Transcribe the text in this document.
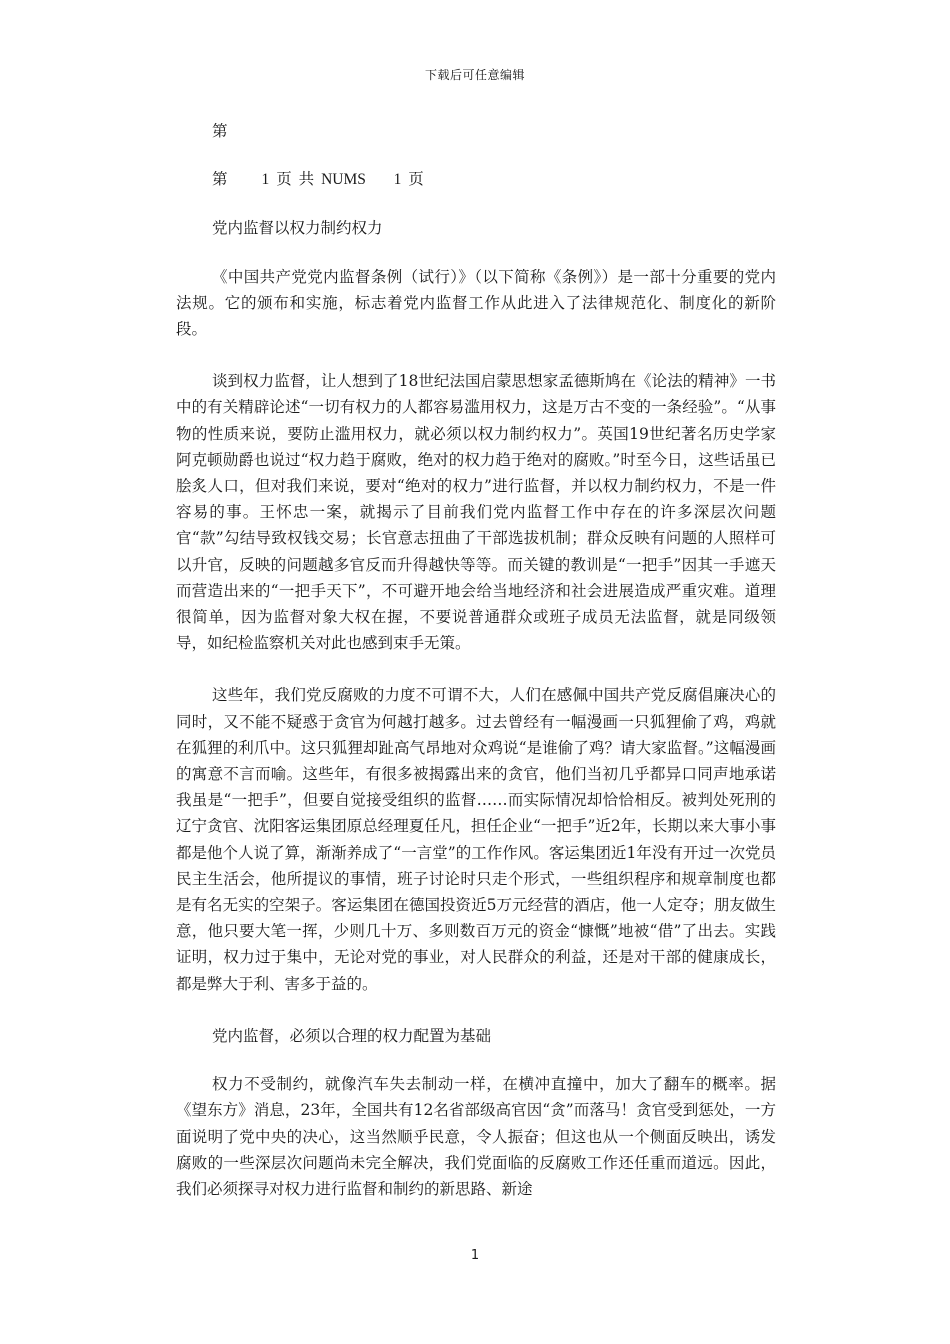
下载后可任意编辑

第

第 1 页 共 NUMS 1 页

党内监督以权力制约权力

《中国共产党党内监督条例（试行）》（以下简称《条例》）是一部十分重要的党内法规。它的颁布和实施，标志着党内监督工作从此进入了法律规范化、制度化的新阶段。

谈到权力监督，让人想到了18世纪法国启蒙思想家孟德斯鸠在《论法的精神》一书中的有关精辟论述“一切有权力的人都容易滥用权力，这是万古不变的一条经验”。“从事物的性质来说，要防止滥用权力，就必须以权力制约权力”。英国19世纪著名历史学家阿克顿勋爵也说过“权力趋于腐败，绝对的权力趋于绝对的腐败。”时至今日，这些话虽已脍炙人口，但对我们来说，要对“绝对的权力”进行监督，并以权力制约权力，不是一件容易的事。王怀忠一案，就揭示了目前我们党内监督工作中存在的许多深层次问题官“款”勾结导致权钱交易；长官意志扭曲了干部选拔机制；群众反映有问题的人照样可以升官，反映的问题越多官反而升得越快等等。而关键的教训是“一把手”因其一手遮天而营造出来的“一把手天下”，不可避开地会给当地经济和社会进展造成严重灾难。道理很简单，因为监督对象大权在握，不要说普通群众或班子成员无法监督，就是同级领导，如纪检监察机关对此也感到束手无策。

这些年，我们党反腐败的力度不可谓不大，人们在感佩中国共产党反腐倡廉决心的同时，又不能不疑惑于贪官为何越打越多。过去曾经有一幅漫画一只狐狸偷了鸡，鸡就在狐狸的利爪中。这只狐狸却趾高气昂地对众鸡说“是谁偷了鸡？请大家监督。”这幅漫画的寓意不言而喻。这些年，有很多被揭露出来的贪官，他们当初几乎都异口同声地承诺我虽是“一把手”，但要自觉接受组织的监督……而实际情况却恰恰相反。被判处死刑的辽宁贪官、沈阳客运集团原总经理夏任凡，担任企业“一把手”近2年，长期以来大事小事都是他个人说了算，渐渐养成了“一言堂”的工作作风。客运集团近1年没有开过一次党员民主生活会，他所提议的事情，班子讨论时只走个形式，一些组织程序和规章制度也都是有名无实的空架子。客运集团在德国投资近5万元经营的酒店，他一人定夺；朋友做生意，他只要大笔一挥，少则几十万、多则数百万元的资金“慷慨”地被“借”了出去。实践证明，权力过于集中，无论对党的事业，对人民群众的利益，还是对干部的健康成长，都是弊大于利、害多于益的。

党内监督，必须以合理的权力配置为基础

权力不受制约，就像汽车失去制动一样，在横冲直撞中，加大了翻车的概率。据《望东方》消息，23年，全国共有12名省部级高官因“贪”而落马！贪官受到惩处，一方面说明了党中央的决心，这当然顺乎民意，令人振奋；但这也从一个侧面反映出，诱发腐败的一些深层次问题尚未完全解决，我们党面临的反腐败工作还任重而道远。因此，我们必须探寻对权力进行监督和制约的新思路、新途

1
